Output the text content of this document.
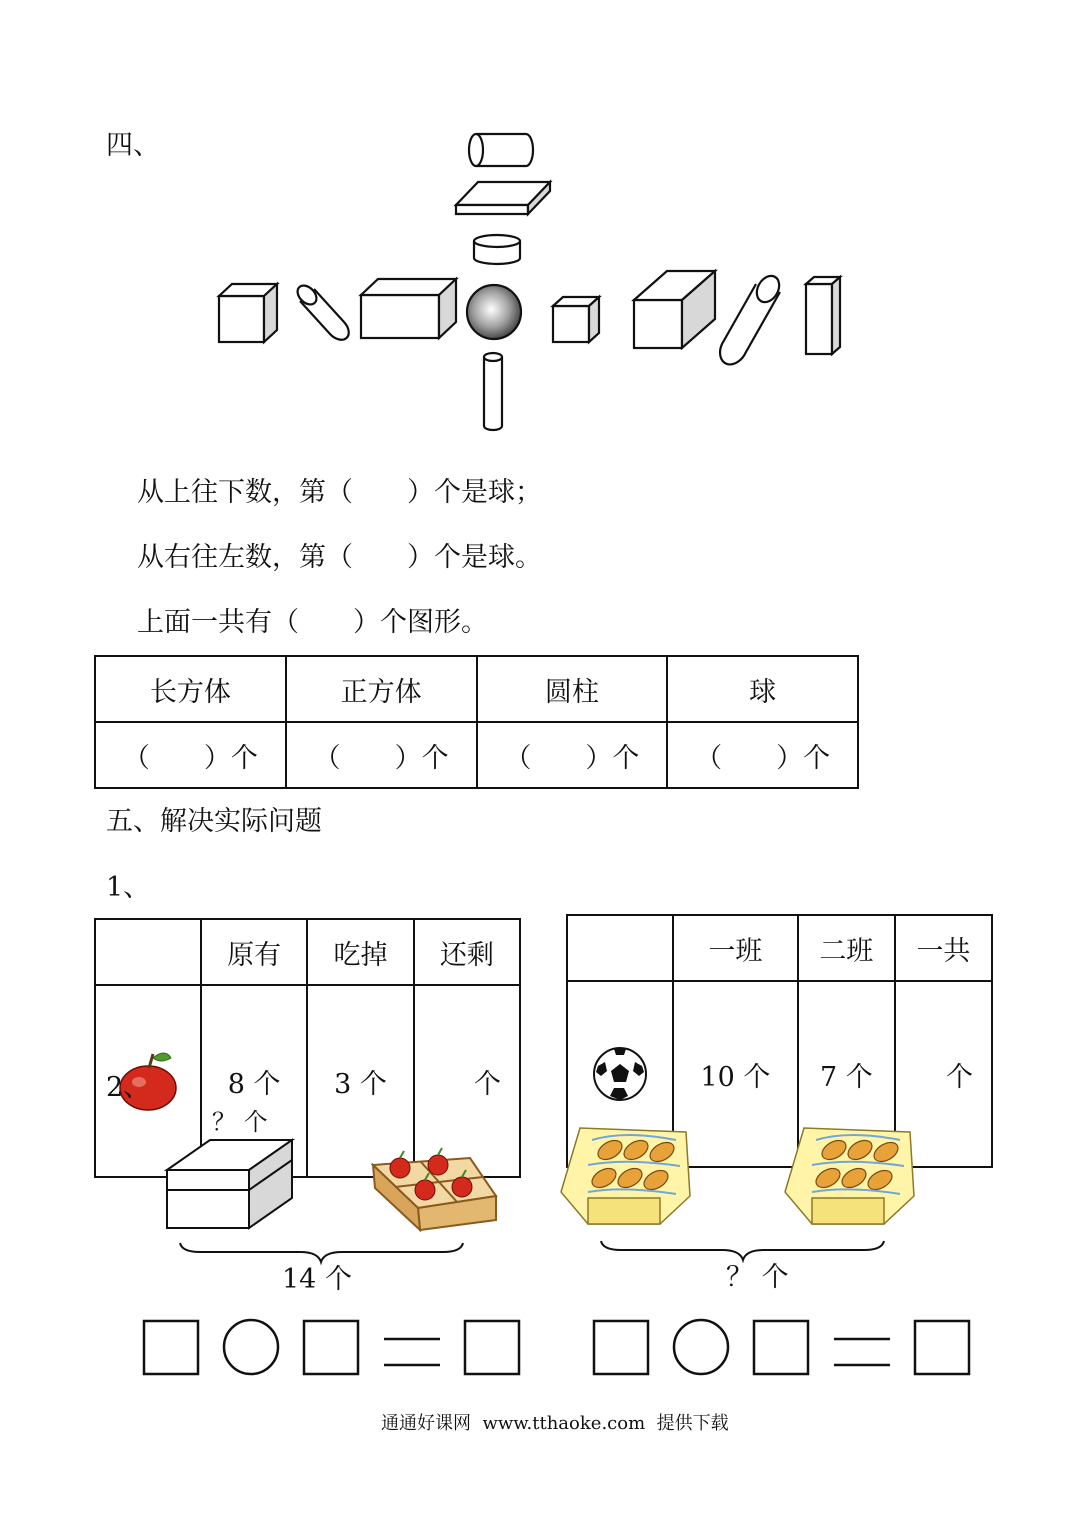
四、
从上往下数，第（　　）个是球；
从右往左数，第（　　）个是球。
上面一共有（　　）个图形。
长方体	正方体	圆柱	球
（　　）个	（　　）个	（　　）个	（　　）个
五、解决实际问题
1、
	原有	吃掉	还剩

	8 个	3 个	个
	一班	二班	一共

	10 个	7 个	个
2、
？ 个
14 个	？ 个
通通好课网  www.tthaoke.com  提供下载
